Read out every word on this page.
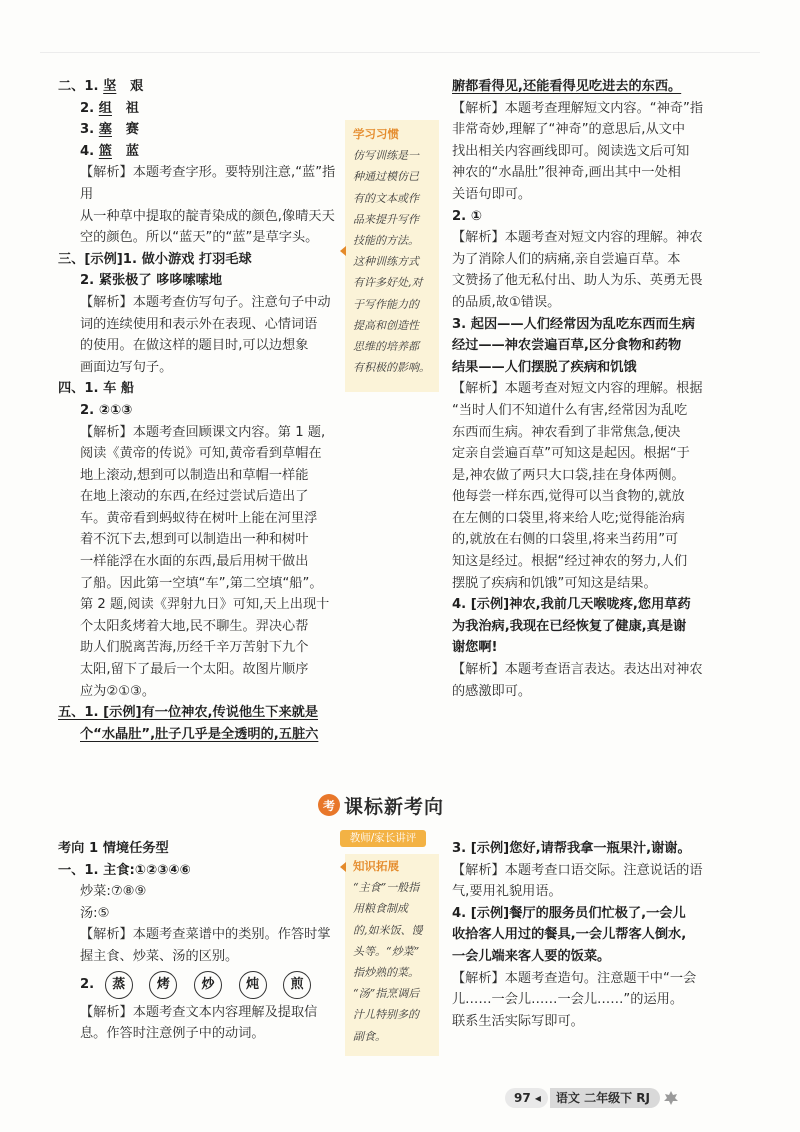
二、1. 坚 艰

2. 组 祖

3. 塞 赛

4. 篮 蓝

【解析】本题考查字形。要特别注意,“蓝”指用

从一种草中提取的靛青染成的颜色,像晴天天

空的颜色。所以“蓝天”的“蓝”是草字头。

三、[示例]1. 做小游戏 打羽毛球

2. 紧张极了 哆哆嗦嗦地

【解析】本题考查仿写句子。注意句子中动

词的连续使用和表示外在表现、心情词语

的使用。在做这样的题目时,可以边想象

画面边写句子。

四、1. 车 船

2. ②①③

【解析】本题考查回顾课文内容。第 1 题,

阅读《黄帝的传说》可知,黄帝看到草帽在

地上滚动,想到可以制造出和草帽一样能

在地上滚动的东西,在经过尝试后造出了

车。黄帝看到蚂蚁待在树叶上能在河里浮

着不沉下去,想到可以制造出一种和树叶

一样能浮在水面的东西,最后用树干做出

了船。因此第一空填“车”,第二空填“船”。

第 2 题,阅读《羿射九日》可知,天上出现十

个太阳炙烤着大地,民不聊生。羿决心帮

助人们脱离苦海,历经千辛万苦射下九个

太阳,留下了最后一个太阳。故图片顺序

应为②①③。

五、1. [示例]有一位神农,传说他生下来就是

个“水晶肚”,肚子几乎是全透明的,五脏六

学习习惯
仿写训练是一
种通过模仿已
有的文本或作
品来提升写作
技能的方法。
这种训练方式
有许多好处,对
于写作能力的
提高和创造性
思维的培养都
有积极的影响。

腑都看得见,还能看得见吃进去的东西。

【解析】本题考查理解短文内容。“神奇”指

非常奇妙,理解了“神奇”的意思后,从文中

找出相关内容画线即可。阅读选文后可知

神农的“水晶肚”很神奇,画出其中一处相

关语句即可。

2. ①

【解析】本题考查对短文内容的理解。神农

为了消除人们的病痛,亲自尝遍百草。本

文赞扬了他无私付出、助人为乐、英勇无畏

的品质,故①错误。

3. 起因——人们经常因为乱吃东西而生病

经过——神农尝遍百草,区分食物和药物

结果——人们摆脱了疾病和饥饿

【解析】本题考查对短文内容的理解。根据

“当时人们不知道什么有害,经常因为乱吃

东西而生病。神农看到了非常焦急,便决

定亲自尝遍百草”可知这是起因。根据“于

是,神农做了两只大口袋,挂在身体两侧。

他每尝一样东西,觉得可以当食物的,就放

在左侧的口袋里,将来给人吃;觉得能治病

的,就放在右侧的口袋里,将来当药用”可

知这是经过。根据“经过神农的努力,人们

摆脱了疾病和饥饿”可知这是结果。

4. [示例]神农,我前几天喉咙疼,您用草药

为我治病,我现在已经恢复了健康,真是谢

谢您啊!

【解析】本题考查语言表达。表达出对神农

的感激即可。

考 课标新考向
教师/家长讲评

考向 1 情境任务型

一、1. 主食:①②③④⑥

炒菜:⑦⑧⑨

汤:⑤

【解析】本题考查菜谱中的类别。作答时掌

握主食、炒菜、汤的区别。

2. 蒸 烤 炒 炖 煎

【解析】本题考查文本内容理解及提取信

息。作答时注意例子中的动词。

知识拓展
“主食”一般指
用粮食制成
的,如米饭、馒
头等。“炒菜”
指炒熟的菜。
“汤”指烹调后
汁儿特别多的
副食。

3. [示例]您好,请帮我拿一瓶果汁,谢谢。

【解析】本题考查口语交际。注意说话的语

气,要用礼貌用语。

4. [示例]餐厅的服务员们忙极了,一会儿

收拾客人用过的餐具,一会儿帮客人倒水,

一会儿端来客人要的饭菜。

【解析】本题考查造句。注意题干中“一会

儿……一会儿……一会儿……”的运用。

联系生活实际写即可。

97 ◂	语文 二年级下 RJ
